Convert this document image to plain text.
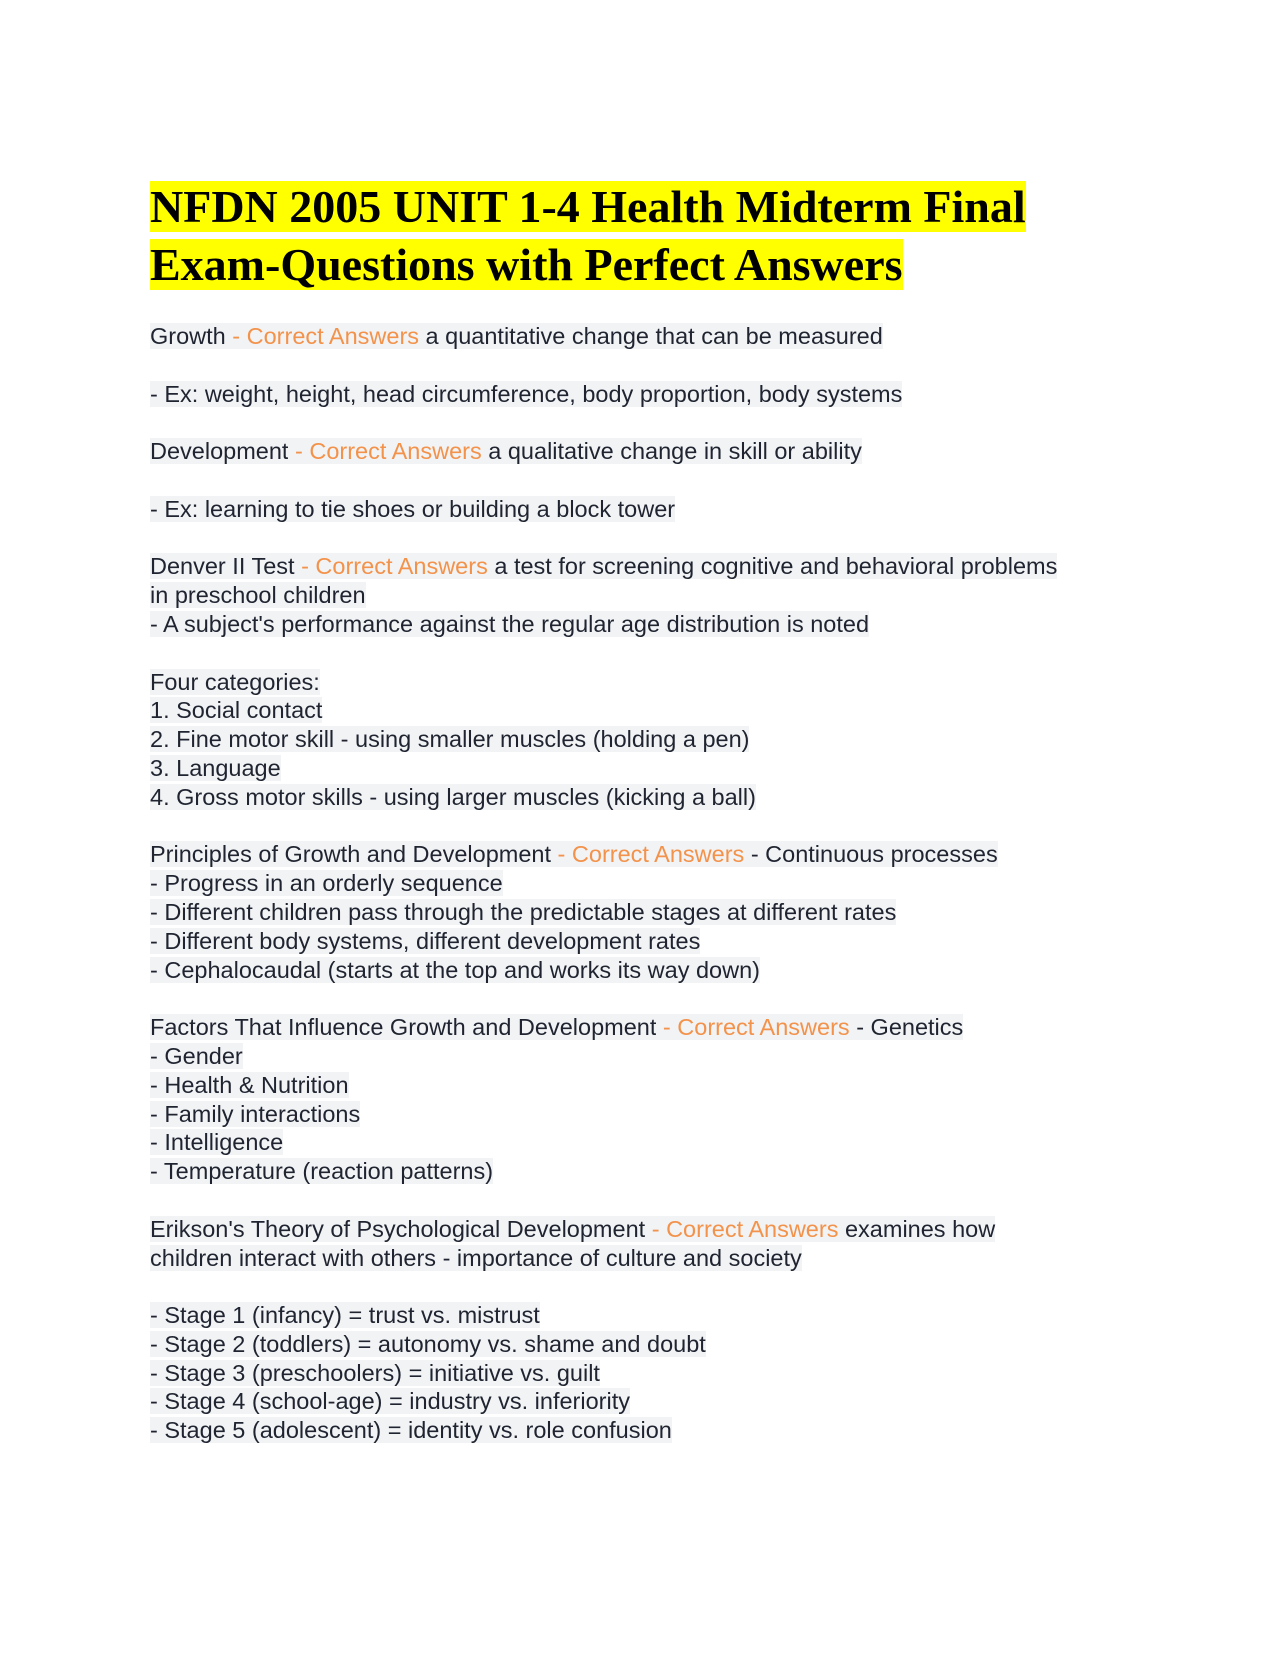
NFDN 2005 UNIT 1-4 Health Midterm Final
Exam-Questions with Perfect Answers
Growth - Correct Answers a quantitative change that can be measured
- Ex: weight, height, head circumference, body proportion, body systems
Development - Correct Answers a qualitative change in skill or ability
- Ex: learning to tie shoes or building a block tower
Denver II Test - Correct Answers a test for screening cognitive and behavioral problems
in preschool children
- A subject's performance against the regular age distribution is noted
Four categories:
1. Social contact
2. Fine motor skill - using smaller muscles (holding a pen)
3. Language
4. Gross motor skills - using larger muscles (kicking a ball)
Principles of Growth and Development - Correct Answers - Continuous processes
- Progress in an orderly sequence
- Different children pass through the predictable stages at different rates
- Different body systems, different development rates
- Cephalocaudal (starts at the top and works its way down)
Factors That Influence Growth and Development - Correct Answers - Genetics
- Gender
- Health & Nutrition
- Family interactions
- Intelligence
- Temperature (reaction patterns)
Erikson's Theory of Psychological Development - Correct Answers examines how
children interact with others - importance of culture and society
- Stage 1 (infancy) = trust vs. mistrust
- Stage 2 (toddlers) = autonomy vs. shame and doubt
- Stage 3 (preschoolers) = initiative vs. guilt
- Stage 4 (school-age) = industry vs. inferiority
- Stage 5 (adolescent) = identity vs. role confusion
